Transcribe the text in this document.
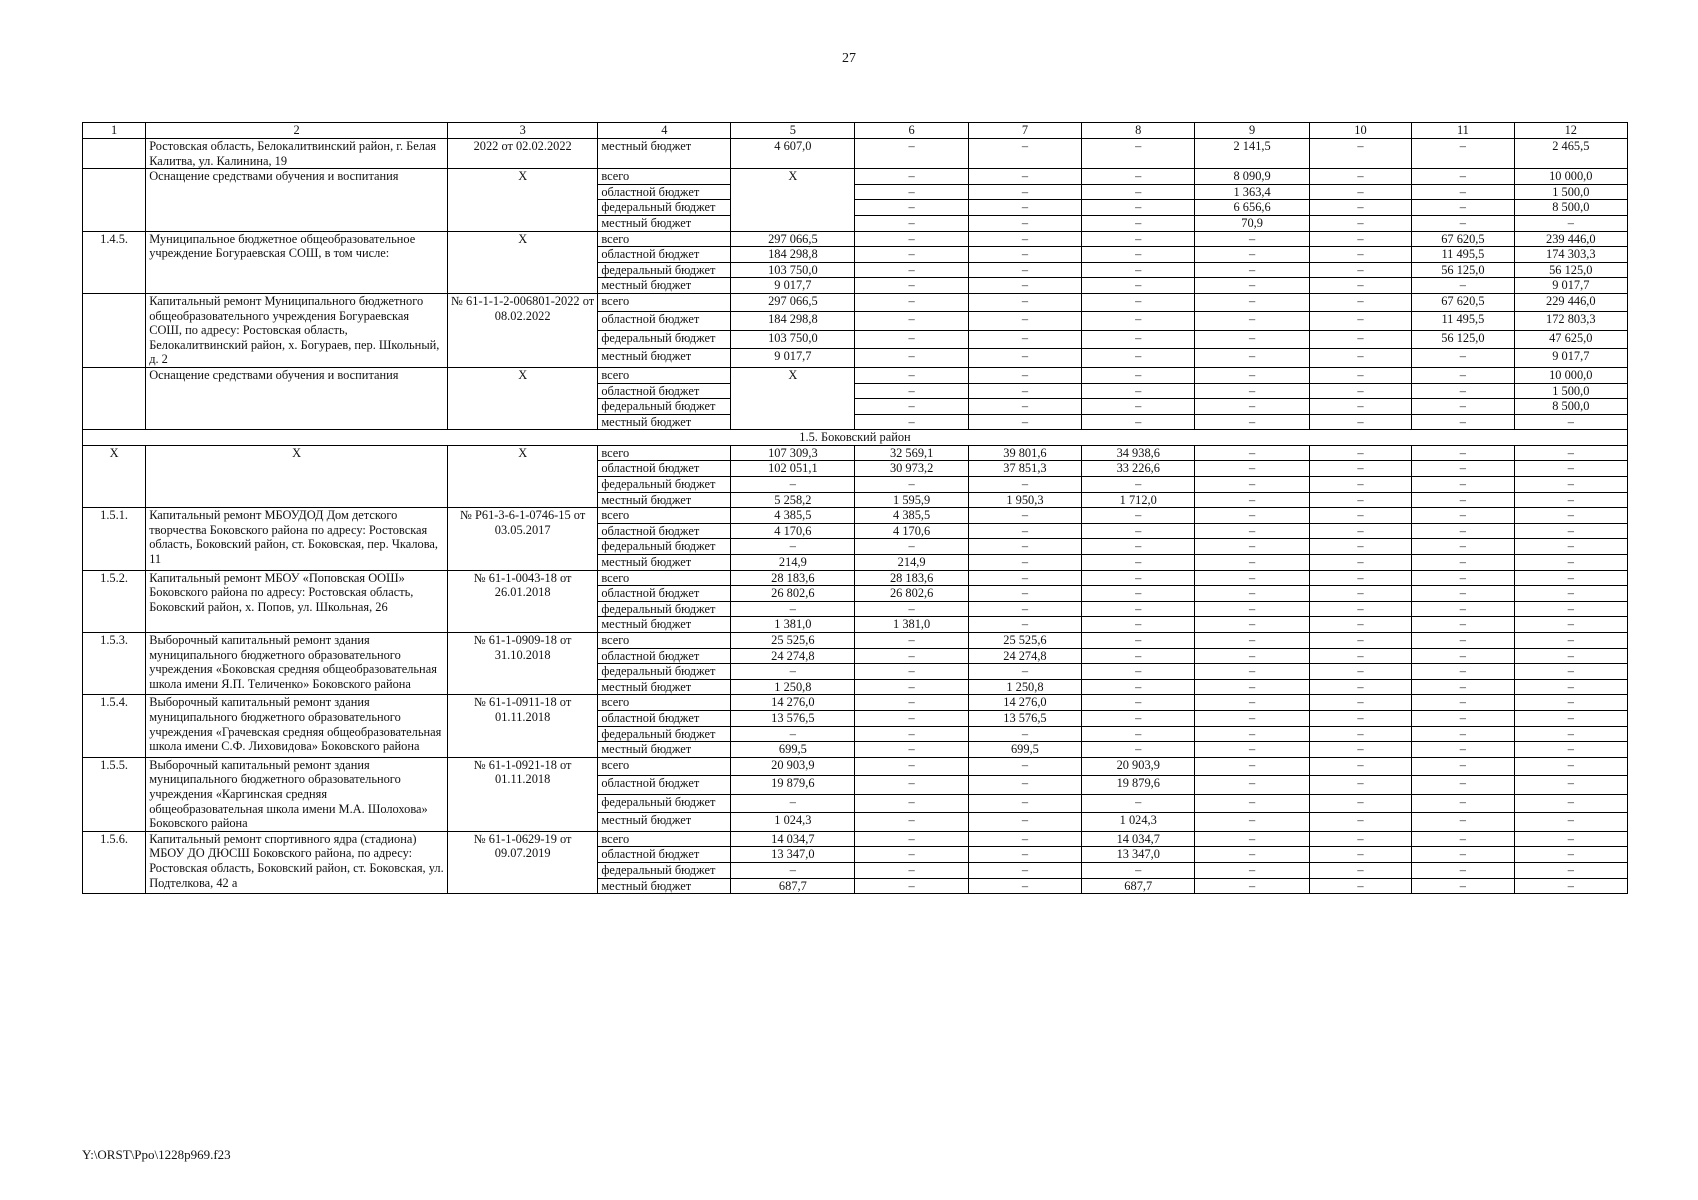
27
1	2	3	4	5	6	7	8	9	10	11	12
	Ростовская область, Белокалитвинский район, г. Белая Калитва, ул. Калинина, 19	2022 от 02.02.2022	местный бюджет	4 607,0	–	–	–	2 141,5	–	–	2 465,5
	Оснащение средствами обучения и воспитания	X	всего	X	–	–	–	8 090,9	–	–	10 000,0
			областной бюджет		–	–	–	1 363,4	–	–	1 500,0
			федеральный бюджет		–	–	–	6 656,6	–	–	8 500,0
			местный бюджет		–	–	–	70,9	–	–	–
1.4.5.	Муниципальное бюджетное общеобразовательное учреждение Богураевская СОШ, в том числе:	X	всего	297 066,5	–	–	–	–	–	67 620,5	239 446,0
			областной бюджет	184 298,8	–	–	–	–	–	11 495,5	174 303,3
			федеральный бюджет	103 750,0	–	–	–	–	–	56 125,0	56 125,0
			местный бюджет	9 017,7	–	–	–	–	–	–	9 017,7
	Капитальный ремонт Муниципального бюджетного общеобразовательного учреждения Богураевская СОШ, по адресу: Ростовская область, Белокалитвинский район, х. Богураев, пер. Школьный, д. 2	№ 61-1-1-2-006801-2022 от 08.02.2022	всего	297 066,5	–	–	–	–	–	67 620,5	229 446,0
			областной бюджет	184 298,8	–	–	–	–	–	11 495,5	172 803,3
			федеральный бюджет	103 750,0	–	–	–	–	–	56 125,0	47 625,0
			местный бюджет	9 017,7	–	–	–	–	–	–	9 017,7
	Оснащение средствами обучения и воспитания	X	всего	X	–	–	–	–	–	–	10 000,0
			областной бюджет		–	–	–	–	–	–	1 500,0
			федеральный бюджет		–	–	–	–	–	–	8 500,0
			местный бюджет		–	–	–	–	–	–	–
1.5. Боковский район											
X	X	X	всего	107 309,3	32 569,1	39 801,6	34 938,6	–	–	–	–
			областной бюджет	102 051,1	30 973,2	37 851,3	33 226,6	–	–	–	–
			федеральный бюджет	–	–	–	–	–	–	–	–
			местный бюджет	5 258,2	1 595,9	1 950,3	1 712,0	–	–	–	–
1.5.1.	Капитальный ремонт МБОУДОД Дом детского творчества Боковского района по адресу: Ростовская область, Боковский район, ст. Боковская, пер. Чкалова, 11	№ Р61-3-6-1-0746-15 от 03.05.2017	всего	4 385,5	4 385,5	–	–	–	–	–	–
			областной бюджет	4 170,6	4 170,6	–	–	–	–	–	–
			федеральный бюджет	–	–	–	–	–	–	–	–
			местный бюджет	214,9	214,9	–	–	–	–	–	–
1.5.2.	Капитальный ремонт МБОУ «Поповская ООШ» Боковского района по адресу: Ростовская область, Боковский район, х. Попов, ул. Школьная, 26	№ 61-1-0043-18 от 26.01.2018	всего	28 183,6	28 183,6	–	–	–	–	–	–
			областной бюджет	26 802,6	26 802,6	–	–	–	–	–	–
			федеральный бюджет	–	–	–	–	–	–	–	–
			местный бюджет	1 381,0	1 381,0	–	–	–	–	–	–
1.5.3.	Выборочный капитальный ремонт здания муниципального бюджетного образовательного учреждения «Боковская средняя общеобразовательная школа имени Я.П. Теличенко» Боковского района	№ 61-1-0909-18 от 31.10.2018	всего	25 525,6	–	25 525,6	–	–	–	–	–
			областной бюджет	24 274,8	–	24 274,8	–	–	–	–	–
			федеральный бюджет	–	–	–	–	–	–	–	–
			местный бюджет	1 250,8	–	1 250,8	–	–	–	–	–
1.5.4.	Выборочный капитальный ремонт здания муниципального бюджетного образовательного учреждения «Грачевская средняя общеобразовательная школа имени С.Ф. Лиховидова» Боковского района	№ 61-1-0911-18 от 01.11.2018	всего	14 276,0	–	14 276,0	–	–	–	–	–
			областной бюджет	13 576,5	–	13 576,5	–	–	–	–	–
			федеральный бюджет	–	–	–	–	–	–	–	–
			местный бюджет	699,5	–	699,5	–	–	–	–	–
1.5.5.	Выборочный капитальный ремонт здания муниципального бюджетного образовательного учреждения «Каргинская средняя общеобразовательная школа имени М.А. Шолохова» Боковского района	№ 61-1-0921-18 от 01.11.2018	всего	20 903,9	–	–	20 903,9	–	–	–	–
			областной бюджет	19 879,6	–	–	19 879,6	–	–	–	–
			федеральный бюджет	–	–	–	–	–	–	–	–
			местный бюджет	1 024,3	–	–	1 024,3	–	–	–	–
1.5.6.	Капитальный ремонт спортивного ядра (стадиона) МБОУ ДО ДЮСШ Боковского района, по адресу: Ростовская область, Боковский район, ст. Боковская, ул. Подтелкова, 42 а	№ 61-1-0629-19 от 09.07.2019	всего	14 034,7	–	–	14 034,7	–	–	–	–
			областной бюджет	13 347,0	–	–	13 347,0	–	–	–	–
			федеральный бюджет	–	–	–	–	–	–	–	–
			местный бюджет	687,7	–	–	687,7	–	–	–	–
Y:\ORST\Ppo\1228p969.f23
